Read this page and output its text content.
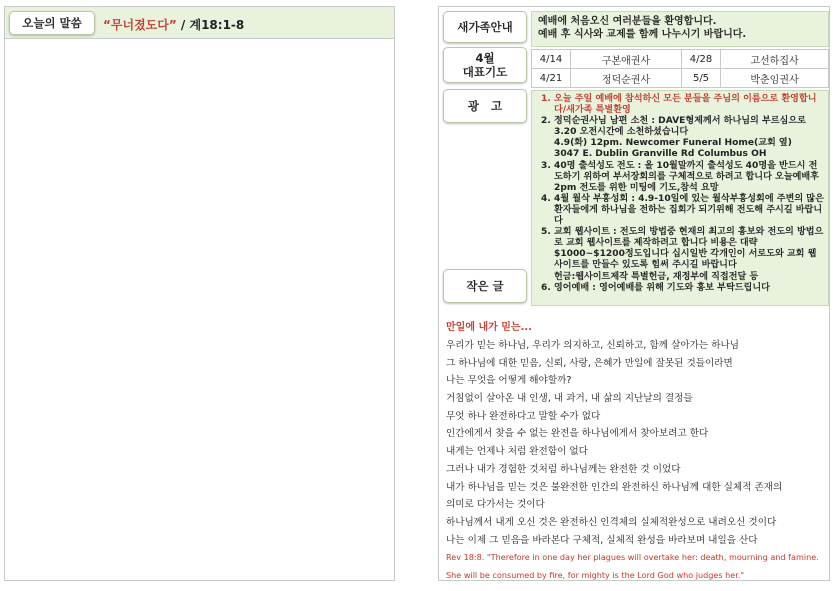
오늘의 말씀	“무너졌도다” / 계18:1-8	새가족안내	예배에 처음오신 여러분들을 환영합니다.
예배 후 식사와 교제를 함께 나누시기 바랍니다.
4월
대표기도
4/14	구본애권사	4/28	고선하집사
4/21	정덕순권사	5/5	박춘임권사
광   고	1. 오늘 주일 예배에 참석하신 모든 분들을 주님의 이름으로 환영합니다/새가족 특별환영
2. 정덕순권사님 남편 소천 : DAVE형제께서 하나님의 부르심으로 3.20 오전시간에 소천하셨습니다
4.9(화) 12pm. Newcomer Funeral Home(교회 옆)
3047 E. Dublin Granville Rd Columbus OH
3. 40명 출석성도 전도 : 올 10월말까지 출석성도 40명을 반드시 전도하기 위하여 부서장회의를 구체적으로 하려고 합니다 오늘예배후 2pm 전도를 위한 미팅에 기도,참석 요망
4. 4월 월삭 부흥성회 : 4.9-10일에 있는 월삭부흥성회에 주변의 많은 환자들에게 하나님을 전하는 집회가 되기위해 전도해 주시길 바랍니다
5. 교회 웹사이트 : 전도의 방법중 현재의 최고의 홍보와 전도의 방법으로 교회 웹사이트를 제작하려고 합니다 비용은 대략 $1000~$1200정도입니다 십시일반 각개인이 서로도와 교회 웹사이트를 만들수 있도록 힘써 주시길 바랍니다
헌금:웹사이트제작 특별헌금, 재정부에 직접전달 등
6. 영어예배 : 영어예배를 위해 기도와 홍보 부탁드립니다
작은 글
만일에 내가 믿는...
우리가 믿는 하나님, 우리가 의지하고, 신뢰하고, 함께 살아가는 하나님
그 하나님에 대한 믿음, 신뢰, 사랑, 은혜가 만일에 잘못된 것들이라면
나는 무엇을 어떻게 해야할까?
거침없이 살아온 내 인생, 내 과거, 내 삶의 지난날의 결정들
무엇 하나 완전하다고 말할 수가 없다
인간에게서 찾을 수 없는 완전을 하나님에게서 찾아보려고 한다
내게는 언제나 처럼 완전함이 없다
그러나 내가 경험한 것처럼 하나님께는 완전한 것 이었다
내가 하나님을 믿는 것은 불완전한 인간의 완전하신 하나님께 대한 실체적 존재의
의미로 다가서는 것이다
하나님께서 내게 오신 것은 완전하신 인격체의 실체적완성으로 내려오신 것이다
나는 이제 그 믿음을 바라본다 구체적, 실체적 완성을 바라보며 내일을 산다
Rev 18:8. "Therefore in one day her plagues will overtake her: death, mourning and famine.
She will be consumed by fire, for mighty is the Lord God who judges her."
